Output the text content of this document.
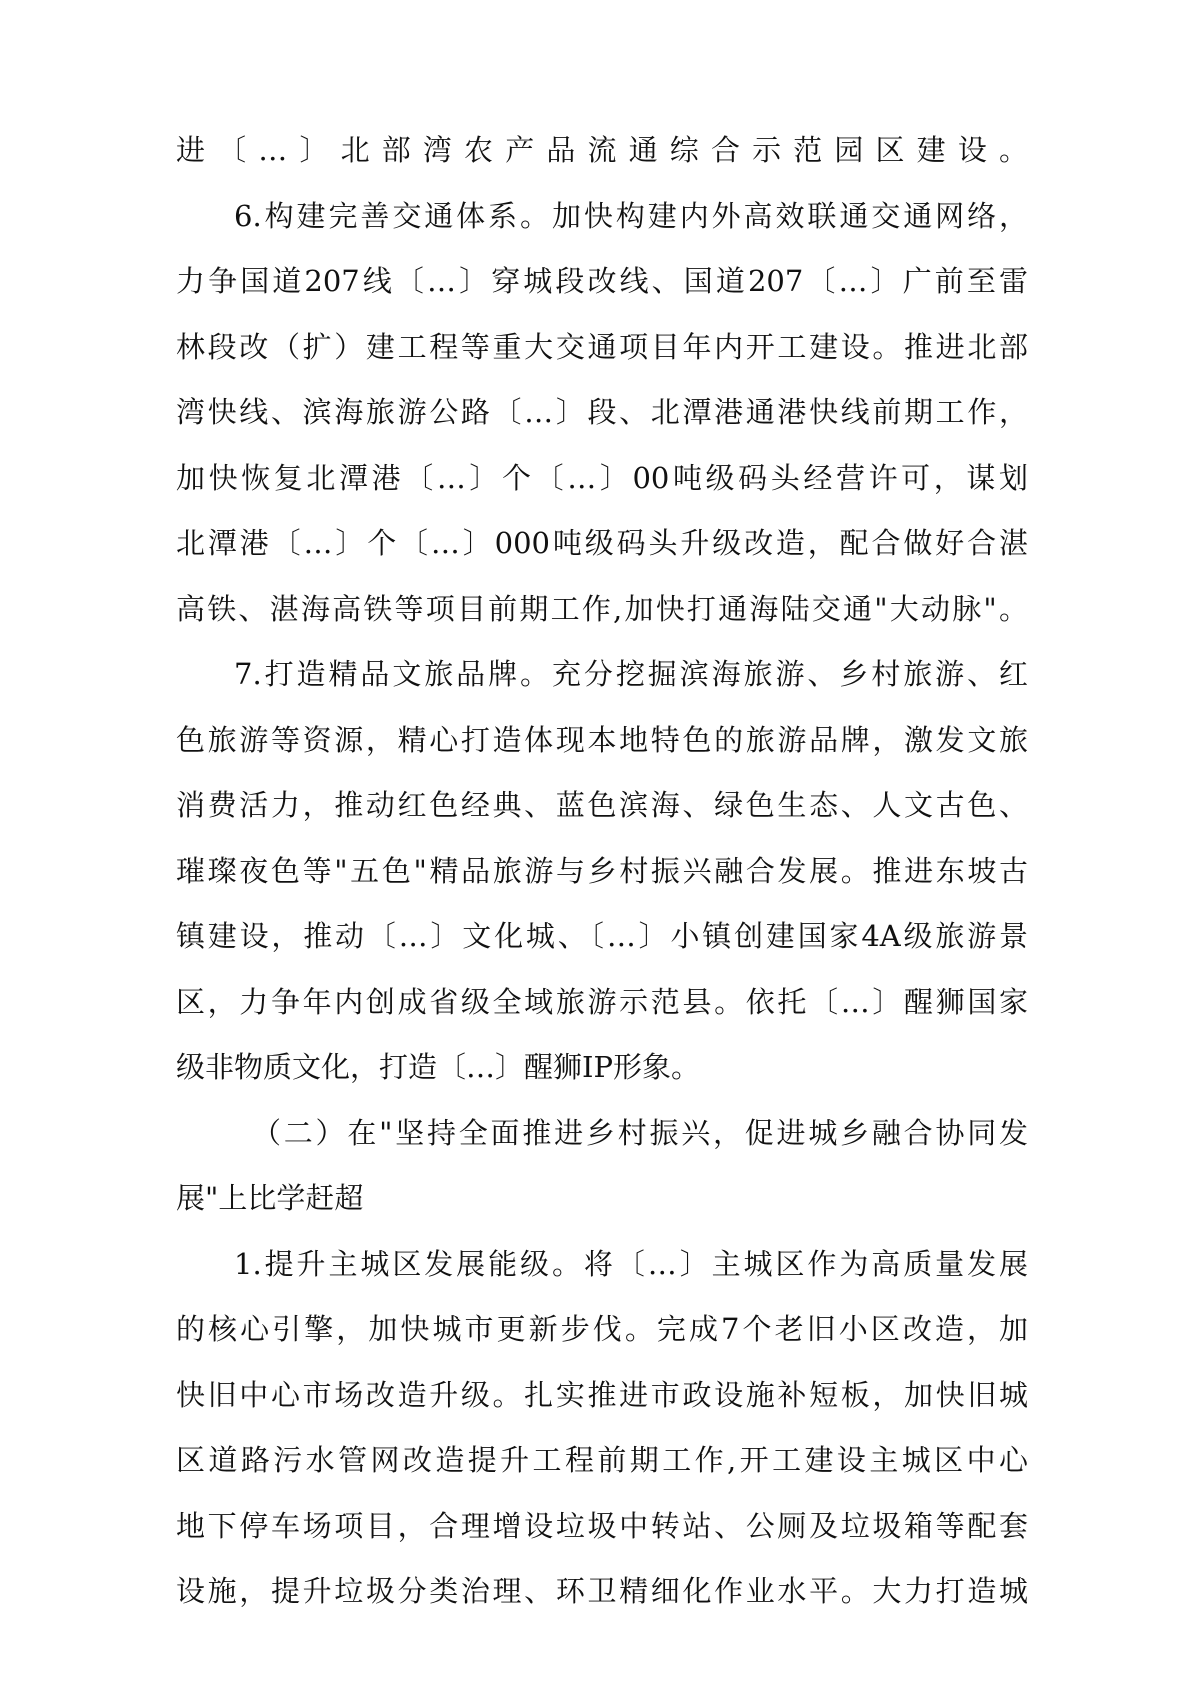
进〔…〕北部湾农产品流通综合示范园区建设。
6.构建完善交通体系。加快构建内外高效联通交通网络，
力争国道207线〔…〕穿城段改线、国道207〔…〕广前至雷
林段改（扩）建工程等重大交通项目年内开工建设。推进北部
湾快线、滨海旅游公路〔…〕段、北潭港通港快线前期工作，
加快恢复北潭港〔…〕个〔…〕00吨级码头经营许可，谋划
北潭港〔…〕个〔…〕000吨级码头升级改造，配合做好合湛
高铁、湛海高铁等项目前期工作,加快打通海陆交通"大动脉"。
7.打造精品文旅品牌。充分挖掘滨海旅游、乡村旅游、红
色旅游等资源，精心打造体现本地特色的旅游品牌，激发文旅
消费活力，推动红色经典、蓝色滨海、绿色生态、人文古色、
璀璨夜色等"五色"精品旅游与乡村振兴融合发展。推进东坡古
镇建设，推动〔…〕文化城、〔…〕小镇创建国家4A级旅游景
区，力争年内创成省级全域旅游示范县。依托〔…〕醒狮国家
级非物质文化，打造〔…〕醒狮IP形象。
（二）在"坚持全面推进乡村振兴，促进城乡融合协同发
展"上比学赶超
1.提升主城区发展能级。将〔…〕主城区作为高质量发展
的核心引擎，加快城市更新步伐。完成7个老旧小区改造，加
快旧中心市场改造升级。扎实推进市政设施补短板，加快旧城
区道路污水管网改造提升工程前期工作,开工建设主城区中心
地下停车场项目，合理增设垃圾中转站、公厕及垃圾箱等配套
设施，提升垃圾分类治理、环卫精细化作业水平。大力打造城
